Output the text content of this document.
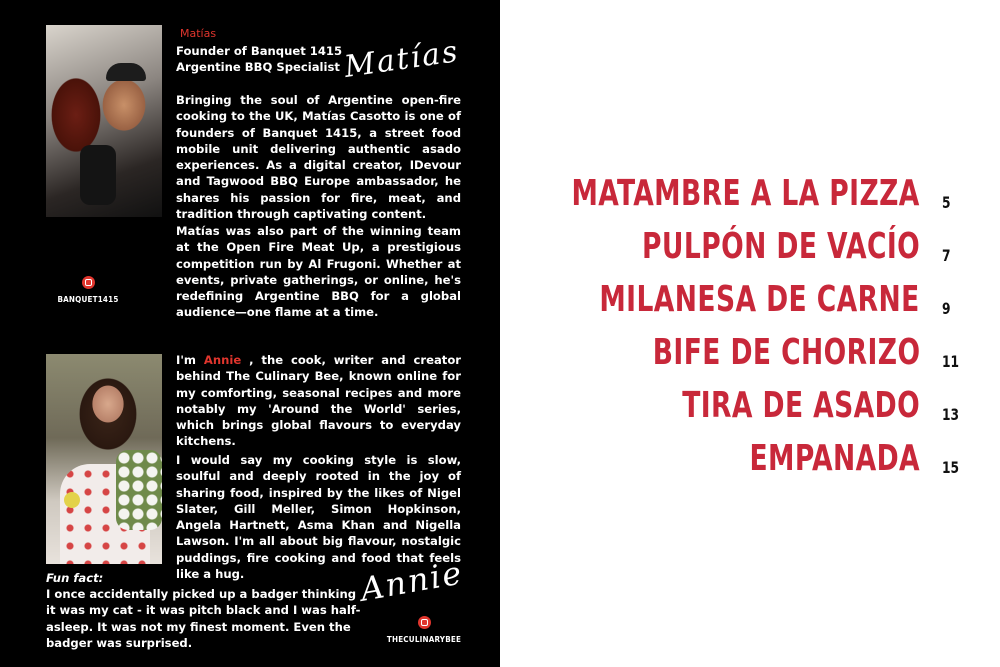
Matías
Founder of Banquet 1415
Argentine BBQ Specialist Matías

Bringing the soul of Argentine open-fire cooking to the UK, Matías Casotto is one of founders of Banquet 1415, a street food mobile unit delivering authentic asado experiences. As a digital creator, IDevour and Tagwood BBQ Europe ambassador, he shares his passion for fire, meat, and tradition through captivating content.

Matías was also part of the winning team at the Open Fire Meat Up, a prestigious competition run by Al Frugoni. Whether at events, private gatherings, or online, he's redefining Argentine BBQ for a global audience—one flame at a time.

BANQUET1415

I'm Annie , the cook, writer and creator behind The Culinary Bee, known online for my comforting, seasonal recipes and more notably my 'Around the World' series, which brings global flavours to everyday kitchens.

I would say my cooking style is slow, soulful and deeply rooted in the joy of sharing food, inspired by the likes of Nigel Slater, Gill Meller, Simon Hopkinson, Angela Hartnett, Asma Khan and Nigella Lawson. I'm all about big flavour, nostalgic puddings, fire cooking and food that feels like a hug.

Fun fact:

I once accidentally picked up a badger thinking it was my cat - it was pitch black and I was half-asleep. It was not my finest moment. Even the badger was surprised.

Annie
THECULINARYBEE
MATAMBRE A LA PIZZA 5
PULPÓN DE VACÍO 7
MILANESA DE CARNE 9
BIFE DE CHORIZO 11
TIRA DE ASADO 13
EMPANADA 15
